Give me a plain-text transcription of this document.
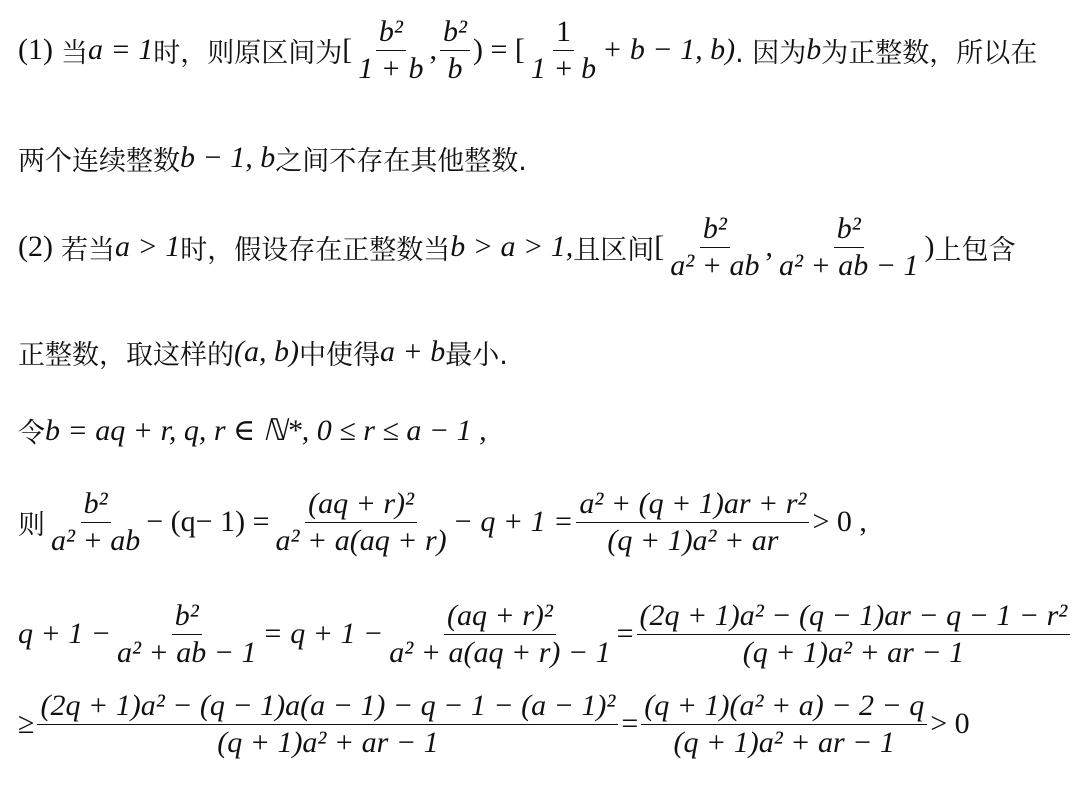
(1) 当 a = 1 时，则原区间为 [ $\frac{\text{b²}}{1 + b}$ , $\frac{\text{b²}}{b}$ ) = [ $\frac{1}{1 + b} + b - 1$, b) . 因为 b 为正整数，所以在
两个连续整数 b − 1, b 之间不存在其他整数.
(2) 若当 a > 1 时，假设存在正整数当 b > a > 1, 且区间 [ $\frac{\text{b²}}{\text{a² + ab}}$ , $\frac{\text{b²}}{\text{a² + ab − 1}}$ ) 上包含
正整数，取这样的 (a, b) 中使得 a + b 最小.
令 b = aq + r, q, r ∈ ℕ*, 0 ≤ r ≤ a − 1 ,
则 $\frac{\text{b²}}{\text{a² + ab}} - (q- 1) = \frac{\text{(aq + r)²}}{\text{a² + a(aq + r)}} - q + 1 = \frac{\text{a² + (q + 1)ar + r²}}{\text{(q + 1)a² + ar}} > 0$ ,
$q + 1 - \frac{\text{b²}}{\text{a² + ab − 1}} = q + 1 - \frac{\text{(aq + r)²}}{\text{a² + a(aq + r) − 1}} = \frac{\text{(2q + 1)a² − (q − 1)ar − q − 1 − r²}}{\text{(q + 1)a² + ar − 1}}$
≥ $\frac{\text{(2q + 1)a² − (q − 1)a(a − 1) − q − 1 − (a − 1)²}}{\text{(q + 1)a² + ar − 1}} = \frac{\text{(q + 1)(a² + a) − 2 − q}}{\text{(q + 1)a² + ar − 1}} > 0$
